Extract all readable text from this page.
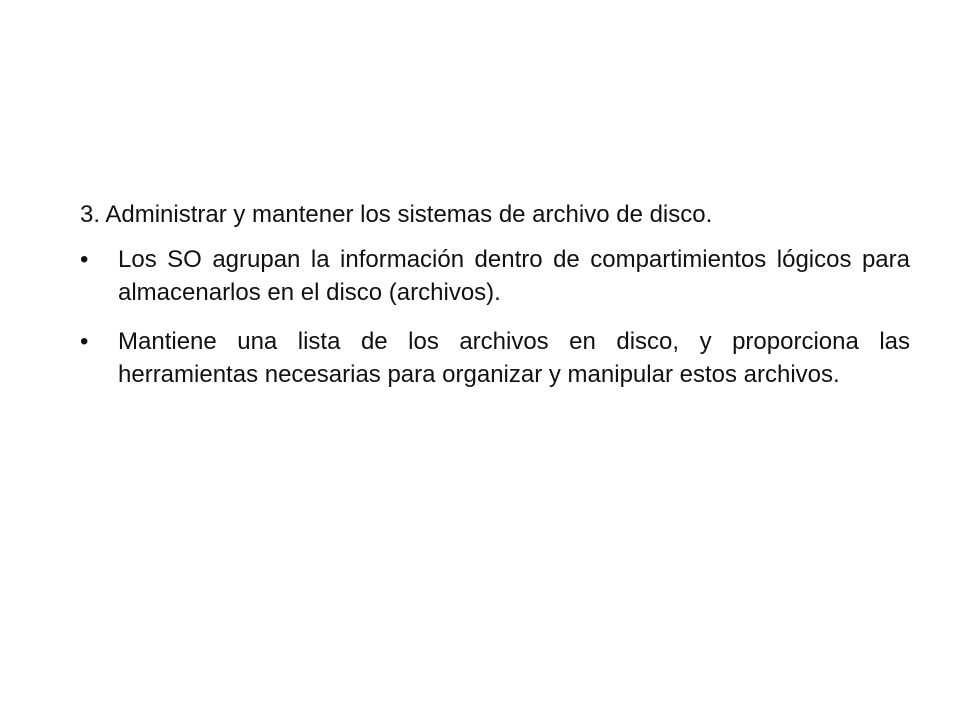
3. Administrar y mantener los sistemas de archivo de disco.

•	Los SO agrupan la información dentro de compartimientos lógicos para almacenarlos en el disco (archivos).
•	Mantiene una lista de los archivos en disco, y proporciona las herramientas necesarias para organizar y manipular estos archivos.
